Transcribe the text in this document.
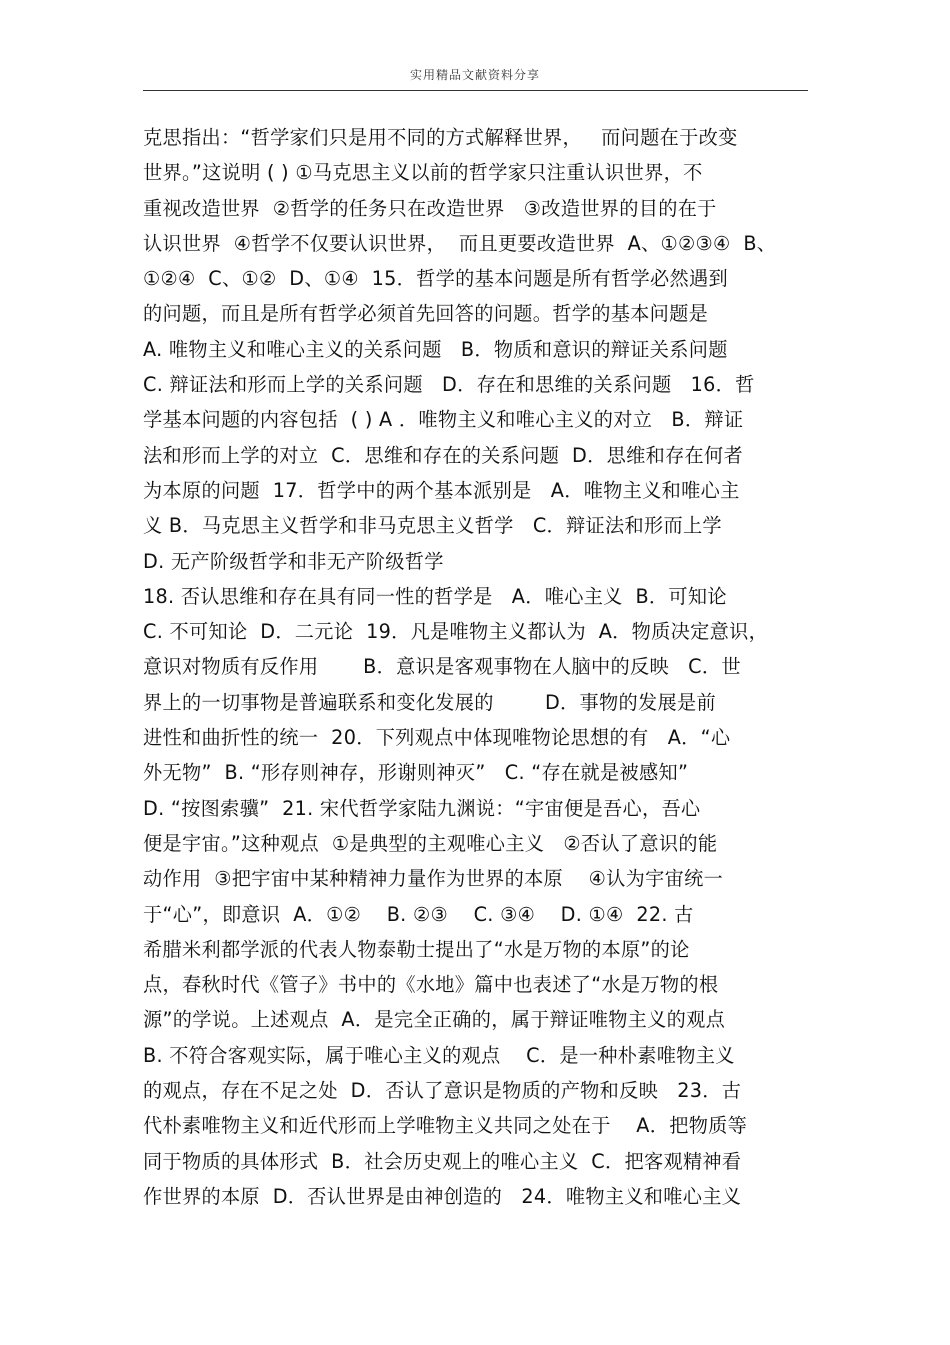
实用精品文献资料分享
克思指出：“哲学家们只是用不同的方式解释世界，   而问题在于改变
世界。”这说明 ( ) ①马克思主义以前的哲学家只注重认识世界，不
重视改造世界  ②哲学的任务只在改造世界   ③改造世界的目的在于
认识世界  ④哲学不仅要认识世界，  而且更要改造世界  A、①②③④  B、
①②④  C、①②  D、①④  15．哲学的基本问题是所有哲学必然遇到
的问题，而且是所有哲学必须首先回答的问题。哲学的基本问题是
A. 唯物主义和唯心主义的关系问题   B．物质和意识的辩证关系问题
C. 辩证法和形而上学的关系问题   D．存在和思维的关系问题   16．哲
学基本问题的内容包括  ( ) A ．唯物主义和唯心主义的对立   B．辩证
法和形而上学的对立  C．思维和存在的关系问题  D．思维和存在何者
为本原的问题  17．哲学中的两个基本派别是   A．唯物主义和唯心主
义 B．马克思主义哲学和非马克思主义哲学   C．辩证法和形而上学
D. 无产阶级哲学和非无产阶级哲学
18. 否认思维和存在具有同一性的哲学是   A．唯心主义  B．可知论
C. 不可知论  D．二元论  19．凡是唯物主义都认为  A．物质决定意识，
意识对物质有反作用       B．意识是客观事物在人脑中的反映   C．世
界上的一切事物是普遍联系和变化发展的        D．事物的发展是前
进性和曲折性的统一  20．下列观点中体现唯物论思想的有   A．“心
外无物”  B. “形存则神存，形谢则神灭”   C. “存在就是被感知”
D. “按图索骥”  21. 宋代哲学家陆九渊说：“宇宙便是吾心，吾心
便是宇宙。”这种观点  ①是典型的主观唯心主义   ②否认了意识的能
动作用  ③把宇宙中某种精神力量作为世界的本原    ④认为宇宙统一
于“心”，即意识  A．①②    B. ②③    C. ③④    D. ①④  22. 古
希腊米利都学派的代表人物泰勒士提出了“水是万物的本原”的论
点，春秋时代《管子》书中的《水地》篇中也表述了“水是万物的根
源”的学说。上述观点  A．是完全正确的，属于辩证唯物主义的观点
B. 不符合客观实际，属于唯心主义的观点    C．是一种朴素唯物主义
的观点，存在不足之处  D．否认了意识是物质的产物和反映   23．古
代朴素唯物主义和近代形而上学唯物主义共同之处在于    A．把物质等
同于物质的具体形式  B．社会历史观上的唯心主义  C．把客观精神看
作世界的本原  D．否认世界是由神创造的   24．唯物主义和唯心主义
